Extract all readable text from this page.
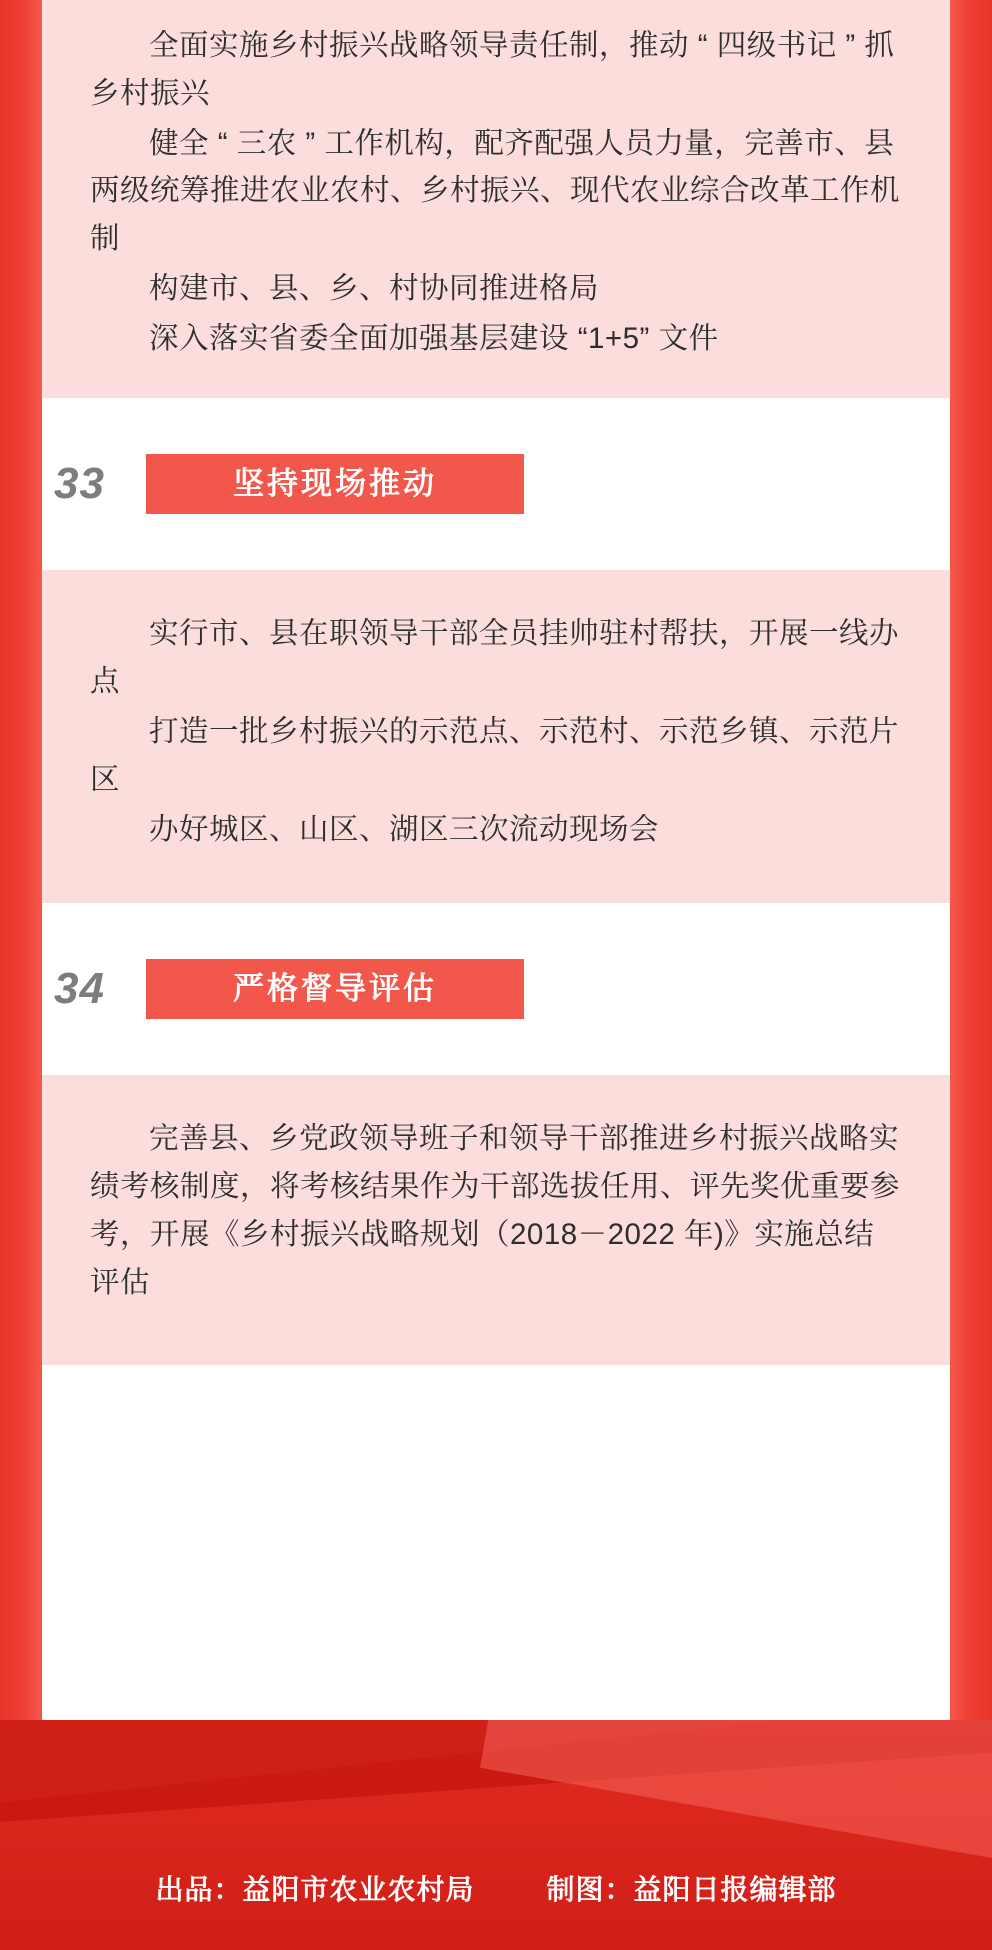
全面实施乡村振兴战略领导责任制，推动 “ 四级书记 ” 抓乡村振兴

健全 “ 三农 ” 工作机构，配齐配强人员力量，完善市、县两级统筹推进农业农村、乡村振兴、现代农业综合改革工作机制

构建市、县、乡、村协同推进格局

深入落实省委全面加强基层建设 “1+5” 文件

33	坚持现场推动

实行市、县在职领导干部全员挂帅驻村帮扶，开展一线办点

打造一批乡村振兴的示范点、示范村、示范乡镇、示范片区

办好城区、山区、湖区三次流动现场会

34	严格督导评估

完善县、乡党政领导班子和领导干部推进乡村振兴战略实绩考核制度，将考核结果作为干部选拔任用、评先奖优重要参考，开展《乡村振兴战略规划（2018－2022 年)》实施总结评估

出品：益阳市农业农村局	制图：益阳日报编辑部
